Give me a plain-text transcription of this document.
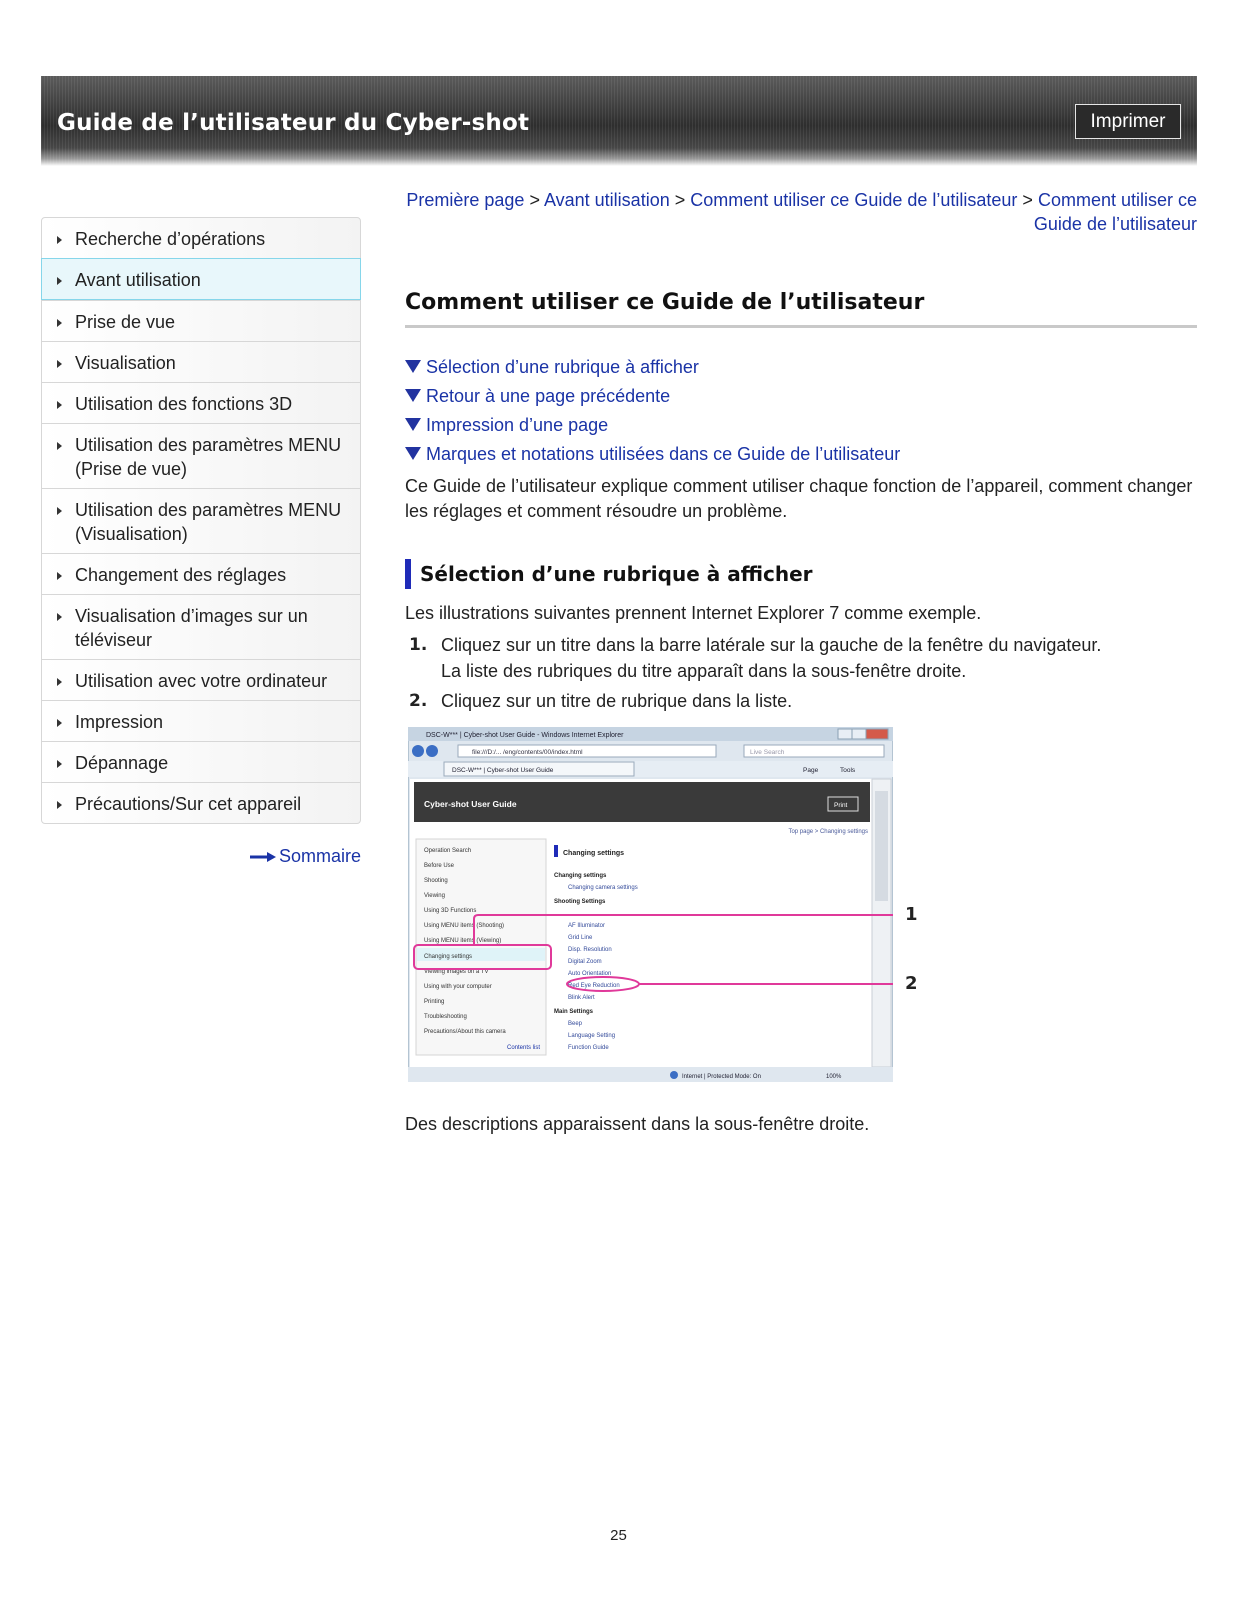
Guide de l’utilisateur du Cyber-shot	Imprimer
Première page > Avant utilisation > Comment utiliser ce Guide de l’utilisateur > Comment utiliser ce Guide de l’utilisateur
Recherche d’opérations
Avant utilisation
Prise de vue
Visualisation
Utilisation des fonctions 3D
Utilisation des paramètres MENU (Prise de vue)
Utilisation des paramètres MENU (Visualisation)
Changement des réglages
Visualisation d’images sur un téléviseur
Utilisation avec votre ordinateur
Impression
Dépannage
Précautions/Sur cet appareil
Sommaire
Comment utiliser ce Guide de l’utilisateur
Sélection d’une rubrique à afficher
Retour à une page précédente
Impression d’une page
Marques et notations utilisées dans ce Guide de l’utilisateur
Ce Guide de l’utilisateur explique comment utiliser chaque fonction de l’appareil, comment changer les réglages et comment résoudre un problème.
Sélection d’une rubrique à afficher
Les illustrations suivantes prennent Internet Explorer 7 comme exemple.
1. Cliquez sur un titre dans la barre latérale sur la gauche de la fenêtre du navigateur.
La liste des rubriques du titre apparaît dans la sous-fenêtre droite.
2. Cliquez sur un titre de rubrique dans la liste.
DSC-W*** | Cyber-shot User Guide - Windows Internet Explorer
file:///D:/... /eng/contents/00/index.html	Live Search
DSC-W*** | Cyber-shot User Guide	Page	Tools
Cyber-shot User Guide	Print
Top page > Changing settings
Operation Search
Before Use
Shooting
Viewing
Using 3D Functions
Using MENU items (Shooting)
Using MENU items (Viewing)
Changing settings
Viewing images on a TV
Using with your computer
Printing
Troubleshooting
Precautions/About this camera
Contents list
Changing settings
Changing settings
Changing camera settings
Shooting Settings
AF Illuminator
Grid Line
Disp. Resolution
Digital Zoom
Auto Orientation
Red Eye Reduction
Blink Alert
Main Settings
Beep
Language Setting
Function Guide
Internet | Protected Mode: On	100%
1
2
Des descriptions apparaissent dans la sous-fenêtre droite.
25
